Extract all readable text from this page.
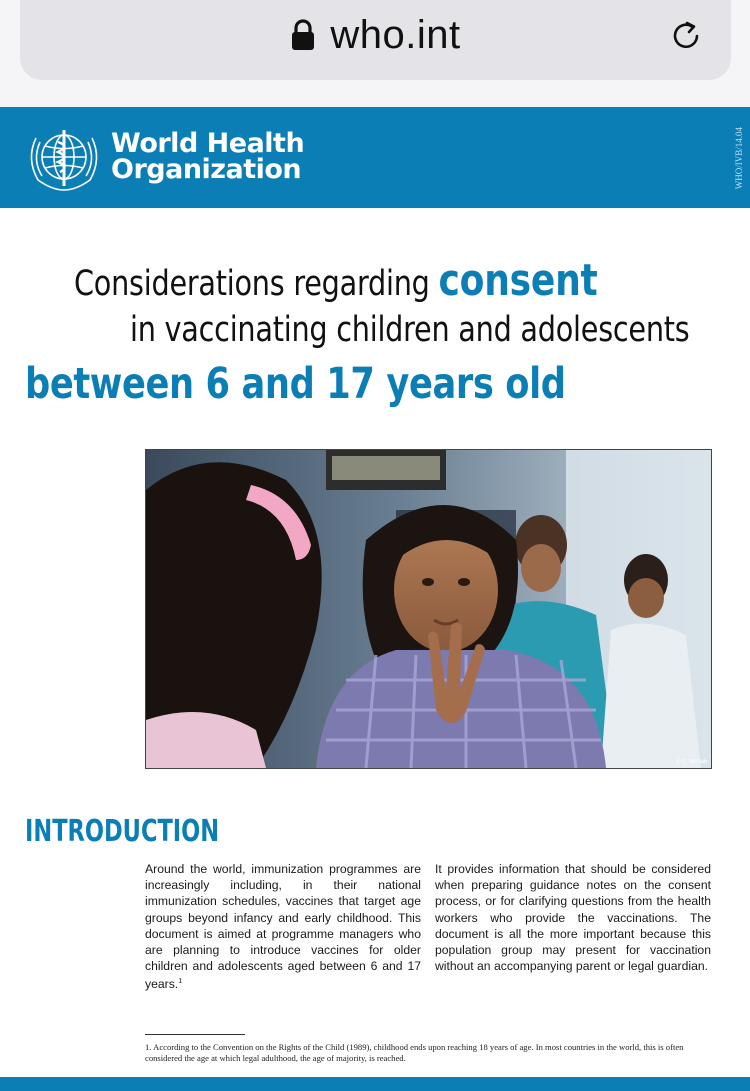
who.int
World Health
Organization	WHO/IVB/14.04
Considerations regarding consent
in vaccinating children and adolescents
between 6 and 17 years old
© C. McNab
INTRODUCTION
Around the world, immunization programmes are increasingly including, in their national immunization schedules, vaccines that target age groups beyond infancy and early childhood. This document is aimed at programme managers who are planning to introduce vaccines for older children and adolescents aged between 6 and 17 years.$^1$
It provides information that should be considered when preparing guidance notes on the consent process, or for clarifying questions from the health workers who provide the vaccinations. The document is all the more important because this population group may present for vaccination without an accompanying parent or legal guardian.
1. According to the Convention on the Rights of the Child (1989), childhood ends upon reaching 18 years of age. In most countries in the world, this is often considered the age at which legal adulthood, the age of majority, is reached.
